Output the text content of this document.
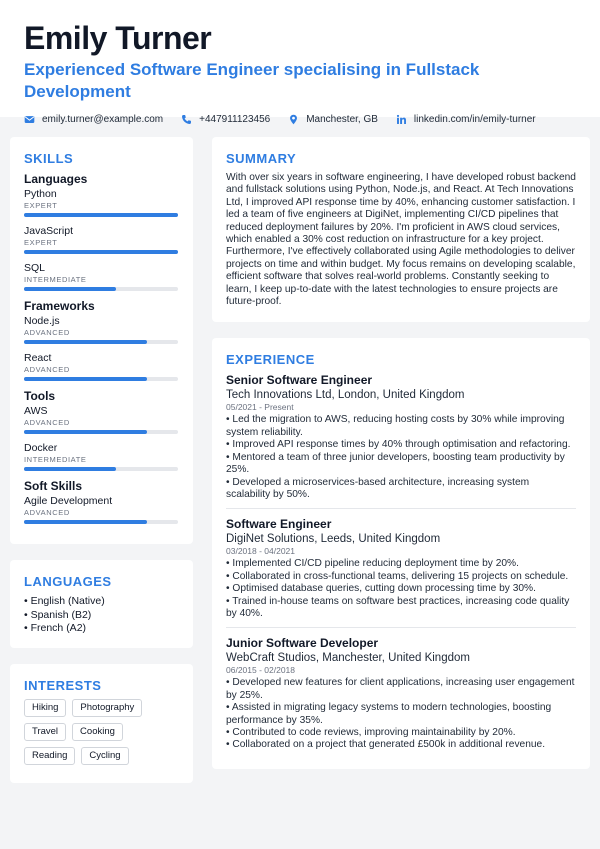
Emily Turner
Experienced Software Engineer specialising in Fullstack Development
emily.turner@example.com	+447911123456	Manchester, GB	linkedin.com/in/emily-turner
SKILLS
Languages
Python
EXPERT
JavaScript
EXPERT
SQL
INTERMEDIATE
Frameworks
Node.js
ADVANCED
React
ADVANCED
Tools
AWS
ADVANCED
Docker
INTERMEDIATE
Soft Skills
Agile Development
ADVANCED
LANGUAGES
• English (Native)
• Spanish (B2)
• French (A2)
INTERESTS
Hiking	Photography
Travel	Cooking
Reading	Cycling
SUMMARY
With over six years in software engineering, I have developed robust backend and fullstack solutions using Python, Node.js, and React. At Tech Innovations Ltd, I improved API response time by 40%, enhancing customer satisfaction. I led a team of five engineers at DigiNet, implementing CI/CD pipelines that reduced deployment failures by 20%. I'm proficient in AWS cloud services, which enabled a 30% cost reduction on infrastructure for a key project. Furthermore, I've effectively collaborated using Agile methodologies to deliver projects on time and within budget. My focus remains on developing scalable, efficient software that solves real-world problems. Constantly seeking to learn, I keep up-to-date with the latest technologies to ensure projects are future-proof.
EXPERIENCE
Senior Software Engineer
Tech Innovations Ltd, London, United Kingdom
05/2021 - Present
• Led the migration to AWS, reducing hosting costs by 30% while improving system reliability.
• Improved API response times by 40% through optimisation and refactoring.
• Mentored a team of three junior developers, boosting team productivity by 25%.
• Developed a microservices-based architecture, increasing system scalability by 50%.
Software Engineer
DigiNet Solutions, Leeds, United Kingdom
03/2018 - 04/2021
• Implemented CI/CD pipeline reducing deployment time by 20%.
• Collaborated in cross-functional teams, delivering 15 projects on schedule.
• Optimised database queries, cutting down processing time by 30%.
• Trained in-house teams on software best practices, increasing code quality by 40%.
Junior Software Developer
WebCraft Studios, Manchester, United Kingdom
06/2015 - 02/2018
• Developed new features for client applications, increasing user engagement by 25%.
• Assisted in migrating legacy systems to modern technologies, boosting performance by 35%.
• Contributed to code reviews, improving maintainability by 20%.
• Collaborated on a project that generated £500k in additional revenue.
